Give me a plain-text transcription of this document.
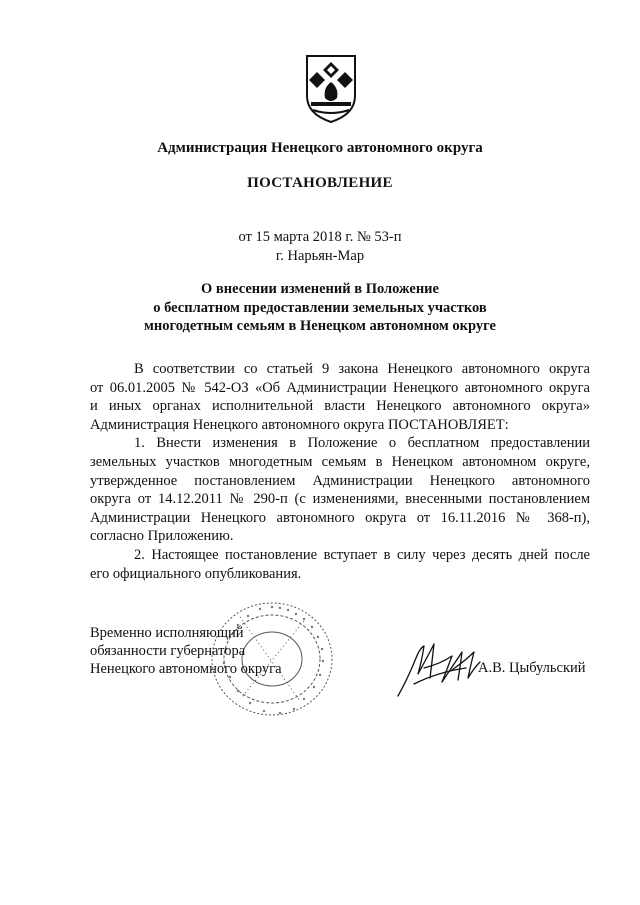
Администрация Ненецкого автономного округа
ПОСТАНОВЛЕНИЕ
от 15 марта 2018 г. № 53-п
г. Нарьян-Мар
О внесении изменений в Положение
о бесплатном предоставлении земельных участков
многодетным семьям в Ненецком автономном округе
В соответствии со статьей 9 закона Ненецкого автономного округа
от 06.01.2005 № 542-ОЗ «Об Администрации Ненецкого автономного округа
и иных органах исполнительной власти Ненецкого автономного округа»
Администрация Ненецкого автономного округа ПОСТАНОВЛЯЕТ:
1. Внести изменения в Положение о бесплатном предоставлении
земельных участков многодетным семьям в Ненецком автономном округе,
утвержденное постановлением Администрации Ненецкого автономного
округа от 14.12.2011 № 290-п (с изменениями, внесенными постановлением
Администрации Ненецкого автономного округа от 16.11.2016 № 368-п),
согласно Приложению.
2. Настоящее постановление вступает в силу через десять дней после
его официального опубликования.
Временно исполняющий
обязанности губернатора
Ненецкого автономного округа	А.В. Цыбульский
